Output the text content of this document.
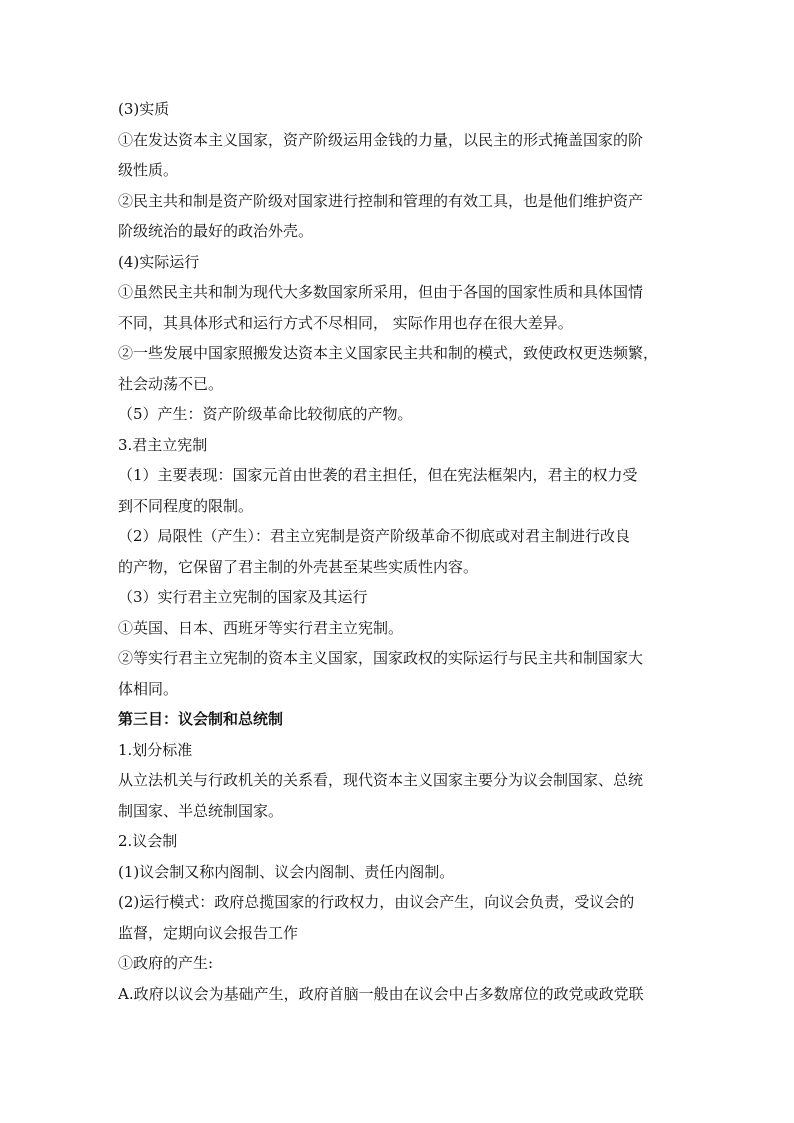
(3)实质
①在发达资本主义国家，资产阶级运用金钱的力量，以民主的形式掩盖国家的阶
级性质。
②民主共和制是资产阶级对国家进行控制和管理的有效工具，也是他们维护资产
阶级统治的最好的政治外壳。
(4)实际运行
①虽然民主共和制为现代大多数国家所采用，但由于各国的国家性质和具体国情
不同，其具体形式和运行方式不尽相同， 实际作用也存在很大差异。
②一些发展中国家照搬发达资本主义国家民主共和制的模式，致使政权更迭频繁，
社会动荡不已。
（5）产生：资产阶级革命比较彻底的产物。
3.君主立宪制
（1）主要表现：国家元首由世袭的君主担任，但在宪法框架内，君主的权力受
到不同程度的限制。
（2）局限性（产生）：君主立宪制是资产阶级革命不彻底或对君主制进行改良
的产物，它保留了君主制的外壳甚至某些实质性内容。
（3）实行君主立宪制的国家及其运行
①英国、日本、西班牙等实行君主立宪制。
②等实行君主立宪制的资本主义国家，国家政权的实际运行与民主共和制国家大
体相同。
第三目：议会制和总统制
1.划分标准
从立法机关与行政机关的关系看，现代资本主义国家主要分为议会制国家、总统
制国家、半总统制国家。
2.议会制
(1)议会制又称内阁制、议会内阁制、责任内阁制。
(2)运行模式：政府总揽国家的行政权力，由议会产生，向议会负责，受议会的
监督，定期向议会报告工作
①政府的产生:
A.政府以议会为基础产生，政府首脑一般由在议会中占多数席位的政党或政党联
